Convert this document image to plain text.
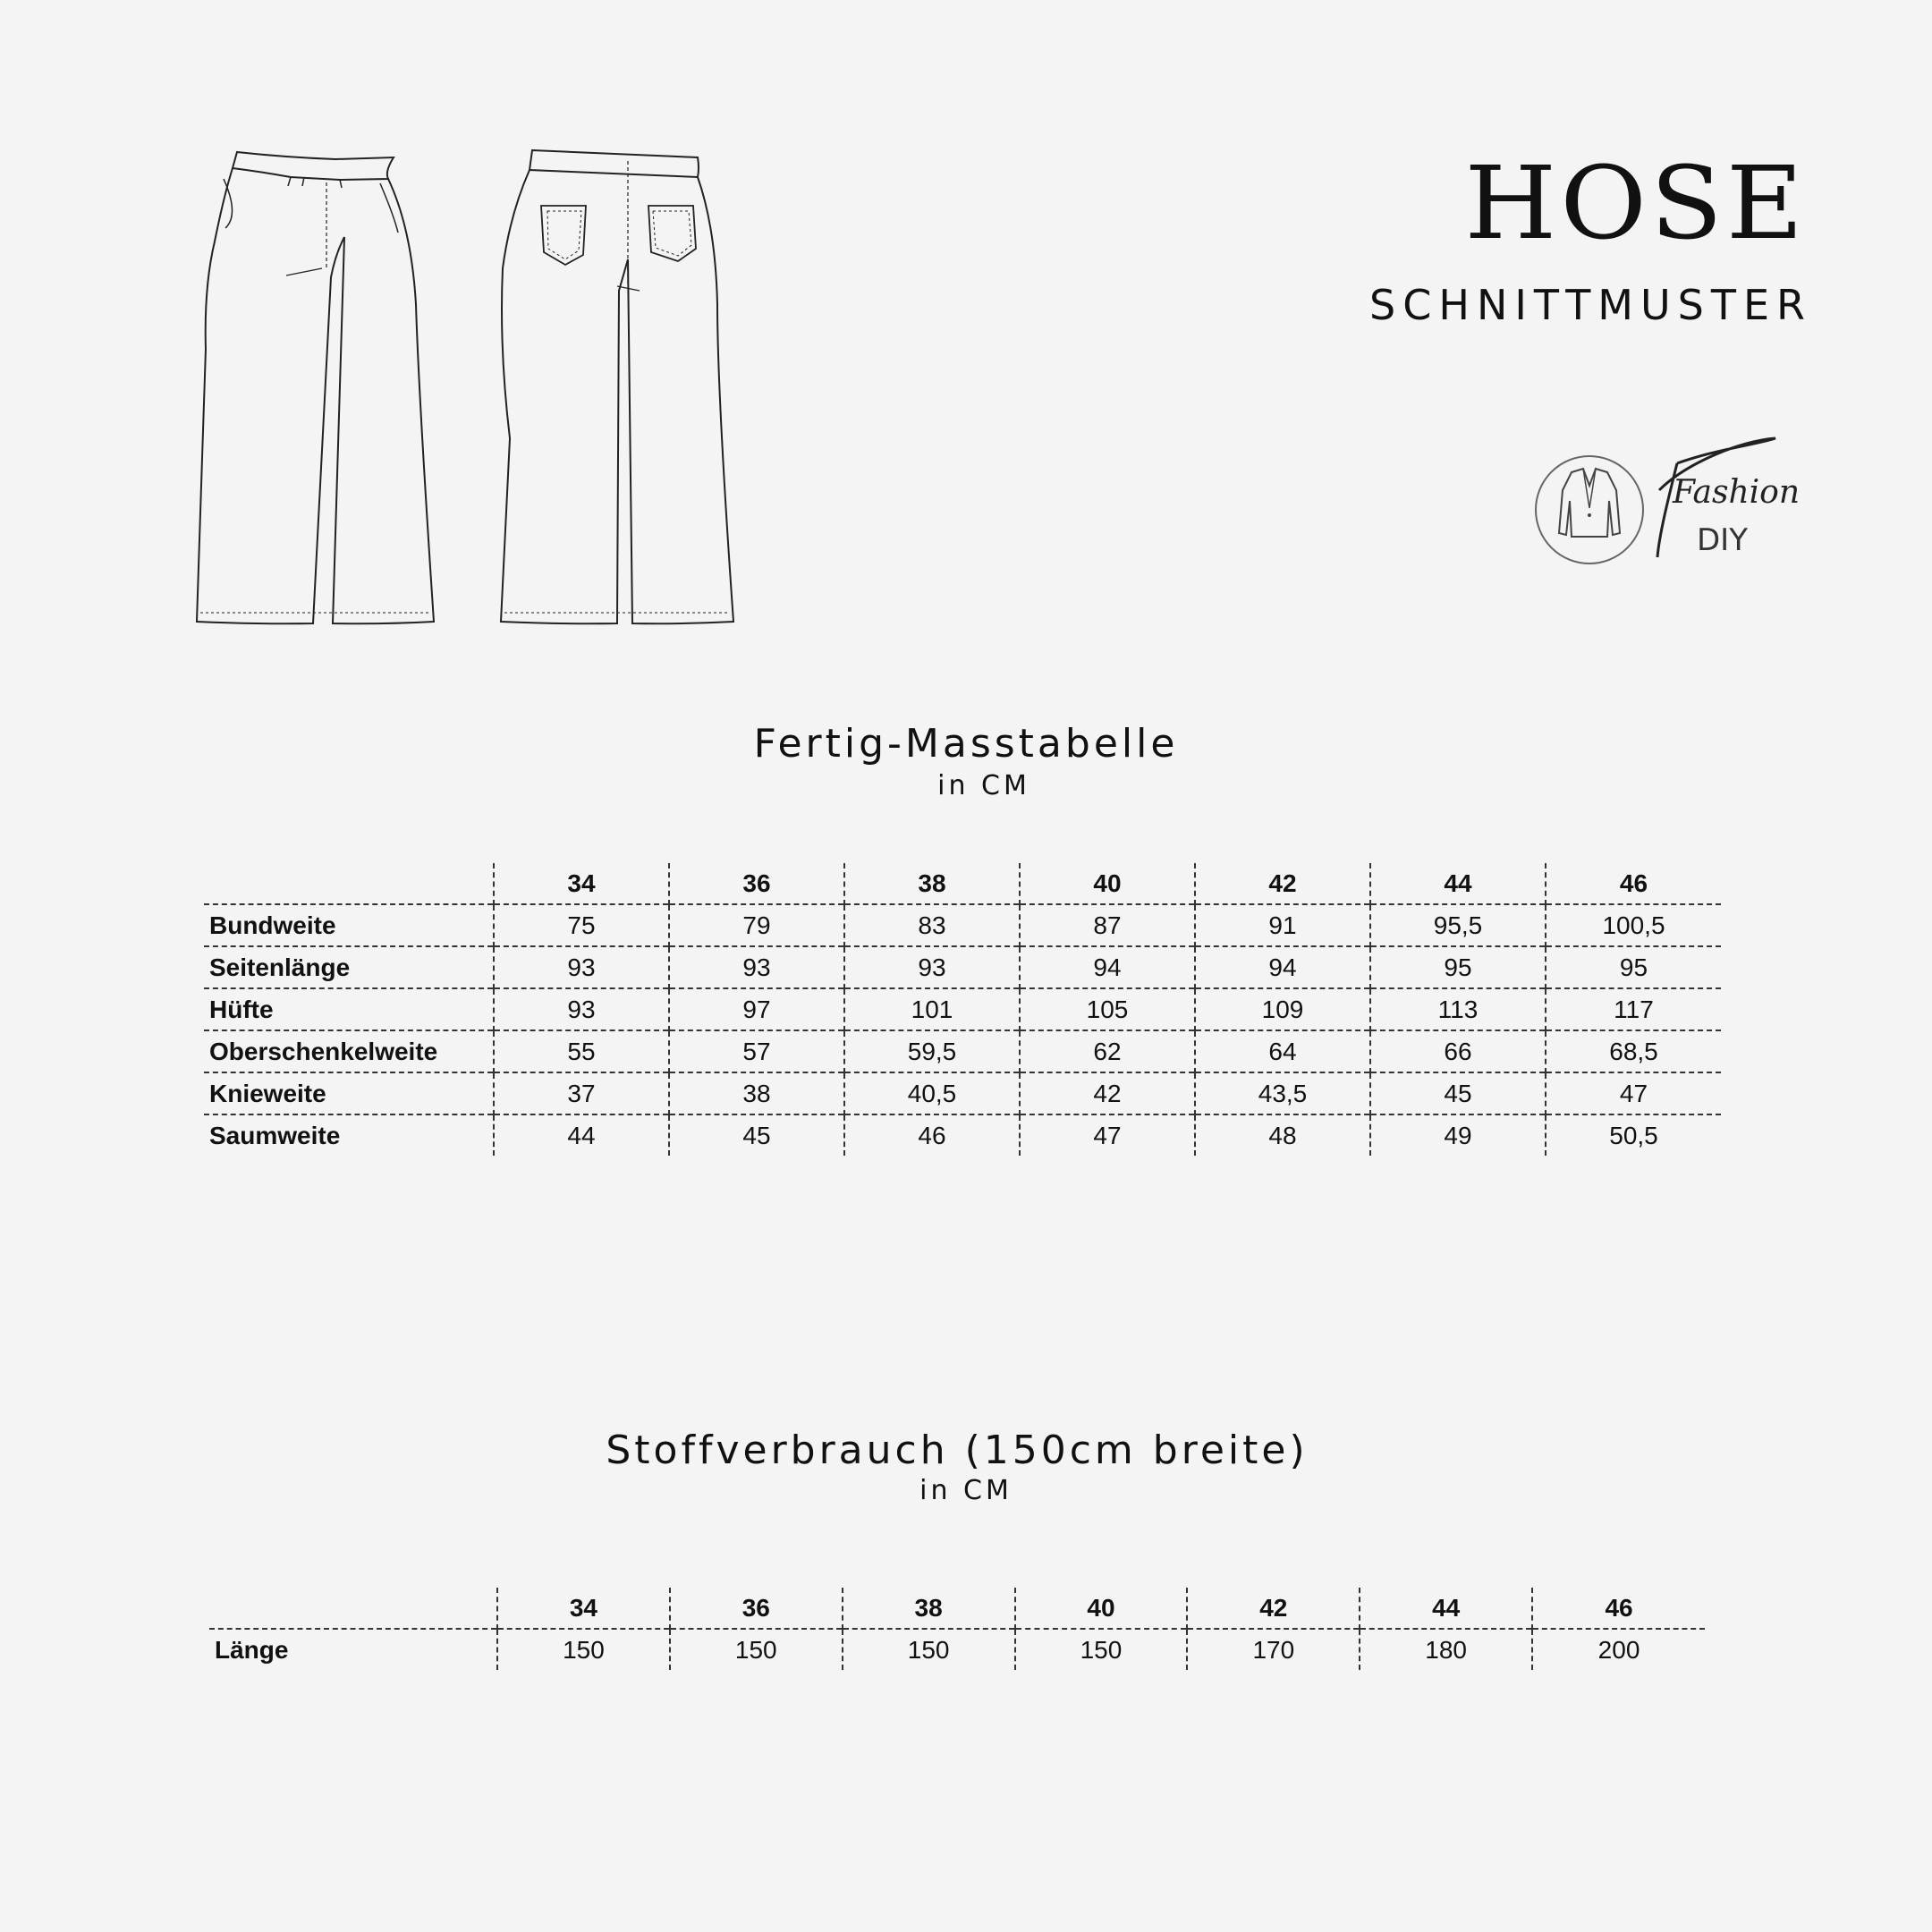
HOSE
SCHNITTMUSTER
Fashion
DIY
Fertig-Masstabelle
in CM
	34	36	38	40	42	44	46
Bundweite	75	79	83	87	91	95,5	100,5
Seitenlänge	93	93	93	94	94	95	95
Hüfte	93	97	101	105	109	113	117
Oberschenkelweite	55	57	59,5	62	64	66	68,5
Knieweite	37	38	40,5	42	43,5	45	47
Saumweite	44	45	46	47	48	49	50,5
Stoffverbrauch (150cm breite)
in CM
	34	36	38	40	42	44	46
Länge	150	150	150	150	170	180	200
